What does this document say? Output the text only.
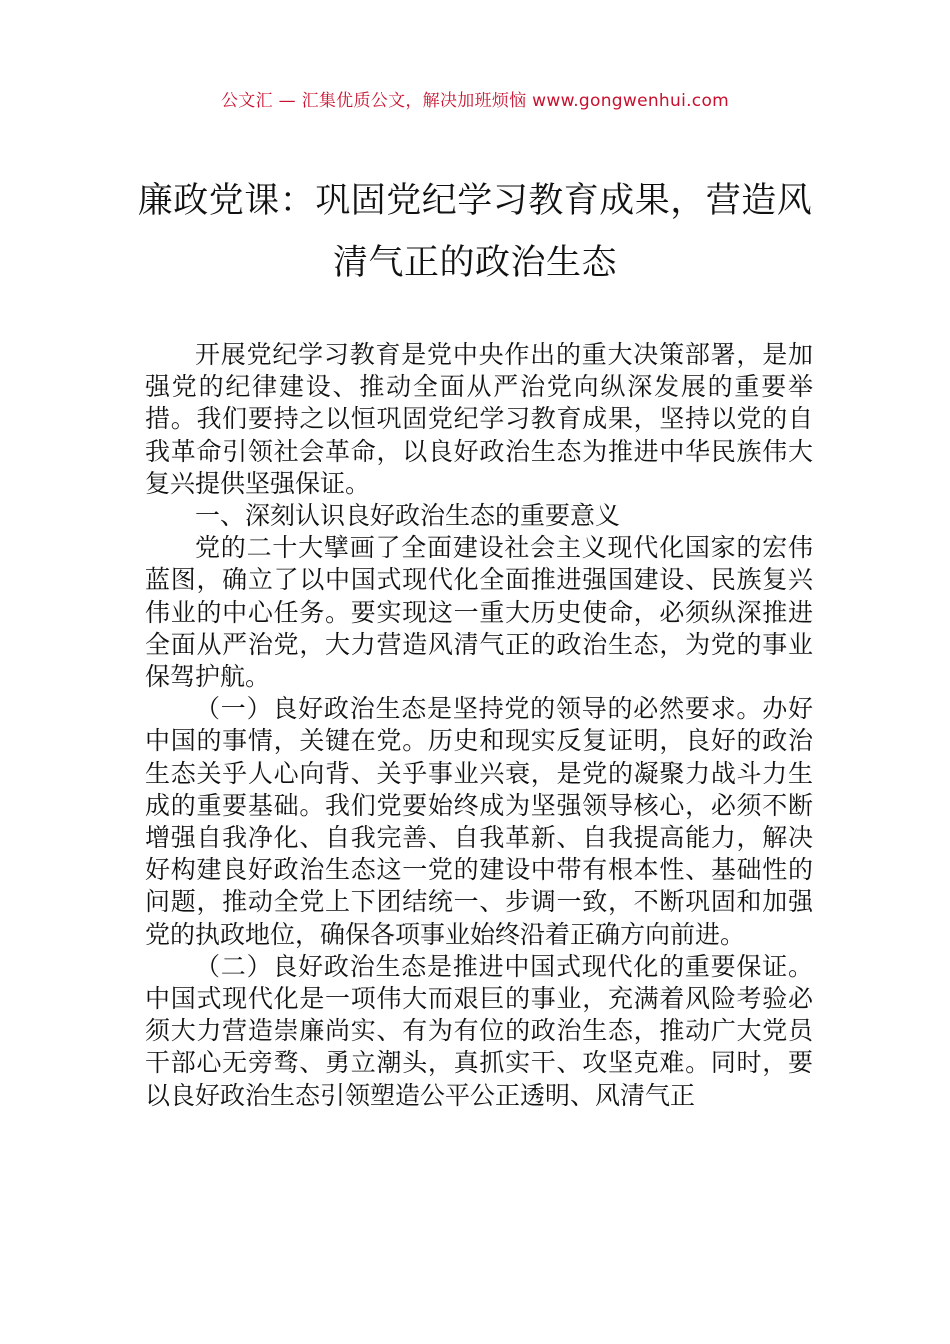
公文汇 — 汇集优质公文，解决加班烦恼 www.gongwenhui.com
廉政党课：巩固党纪学习教育成果，营造风清气正的政治生态

开展党纪学习教育是党中央作出的重大决策部署，是加强党的纪律建设、推动全面从严治党向纵深发展的重要举措。我们要持之以恒巩固党纪学习教育成果，坚持以党的自我革命引领社会革命，以良好政治生态为推进中华民族伟大复兴提供坚强保证。

一、深刻认识良好政治生态的重要意义

党的二十大擘画了全面建设社会主义现代化国家的宏伟蓝图，确立了以中国式现代化全面推进强国建设、民族复兴伟业的中心任务。要实现这一重大历史使命，必须纵深推进全面从严治党，大力营造风清气正的政治生态，为党的事业保驾护航。

（一）良好政治生态是坚持党的领导的必然要求。办好中国的事情，关键在党。历史和现实反复证明，良好的政治生态关乎人心向背、关乎事业兴衰，是党的凝聚力战斗力生成的重要基础。我们党要始终成为坚强领导核心，必须不断增强自我净化、自我完善、自我革新、自我提高能力，解决好构建良好政治生态这一党的建设中带有根本性、基础性的问题，推动全党上下团结统一、步调一致，不断巩固和加强党的执政地位，确保各项事业始终沿着正确方向前进。

（二）良好政治生态是推进中国式现代化的重要保证。中国式现代化是一项伟大而艰巨的事业，充满着风险考验必须大力营造崇廉尚实、有为有位的政治生态，推动广大党员干部心无旁骛、勇立潮头，真抓实干、攻坚克难。同时，要以良好政治生态引领塑造公平公正透明、风清气正
